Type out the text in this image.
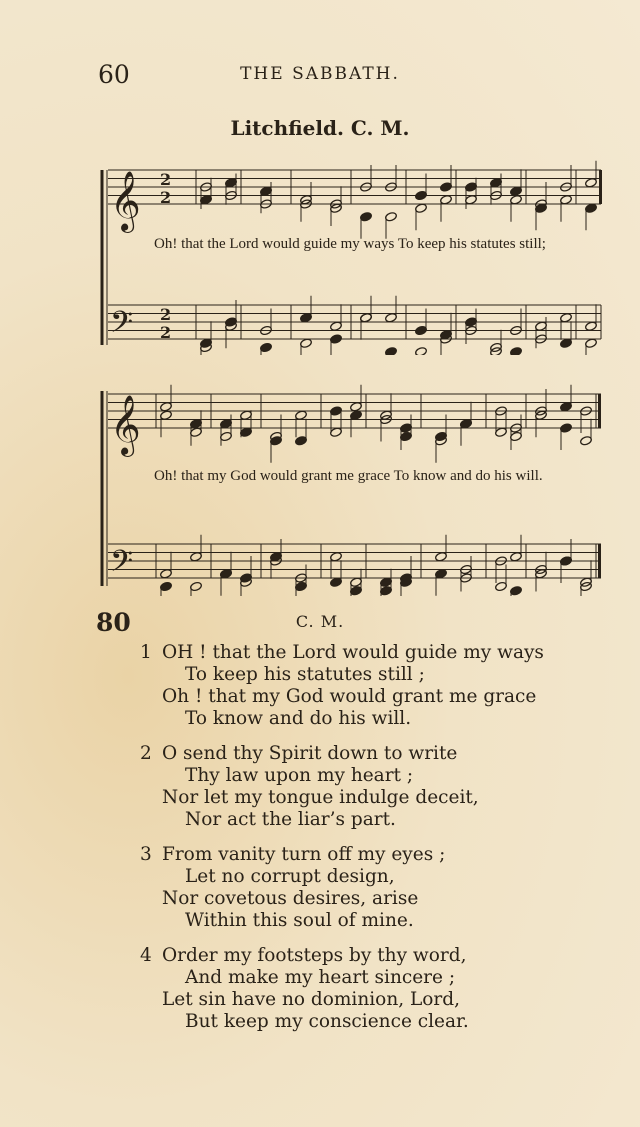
60	THE SABBATH.
Litchfield. C. M.
𝄞
𝄢
2
2
2
2
Oh! that the Lord would guide my ways To keep his statutes still;
𝄞
𝄢
Oh! that my God would grant me grace To know and do his will.
80	C. M.
1 OH ! that the Lord would guide my ways
To keep his statutes still ;
Oh ! that my God would grant me grace
To know and do his will.
2 O send thy Spirit down to write
Thy law upon my heart ;
Nor let my tongue indulge deceit,
Nor act the liar’s part.
3 From vanity turn off my eyes ;
Let no corrupt design,
Nor covetous desires, arise
Within this soul of mine.
4 Order my footsteps by thy word,
And make my heart sincere ;
Let sin have no dominion, Lord,
But keep my conscience clear.
